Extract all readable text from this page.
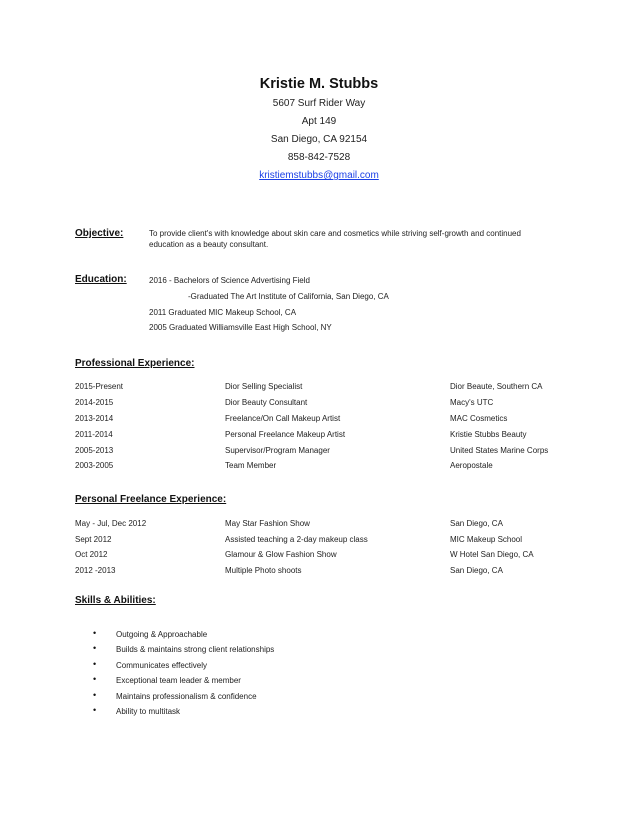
Kristie M. Stubbs
5607 Surf Rider Way
Apt 149
San Diego, CA 92154
858-842-7528
kristiemstubbs@gmail.com
Objective:	To provide client's with knowledge about skin care and cosmetics while striving self-growth and continued
education as a beauty consultant.
Education:	2016 - Bachelors of Science Advertising Field
-Graduated The Art Institute of California, San Diego, CA
2011 Graduated MIC Makeup School, CA
2005 Graduated Williamsville East High School, NY
Professional Experience:
2015-Present	Dior Selling Specialist	Dior Beaute, Southern CA
2014-2015	Dior Beauty Consultant	Macy's UTC
2013-2014	Freelance/On Call Makeup Artist	MAC Cosmetics
2011-2014	Personal Freelance Makeup Artist	Kristie Stubbs Beauty
2005-2013	Supervisor/Program Manager	United States Marine Corps
2003-2005	Team Member	Aeropostale
Personal Freelance Experience:
May - Jul, Dec 2012	May Star Fashion Show	San Diego, CA
Sept 2012	Assisted teaching a 2-day makeup class	MIC Makeup School
Oct 2012	Glamour & Glow Fashion Show	W Hotel San Diego, CA
2012 -2013	Multiple Photo shoots	San Diego, CA
Skills & Abilities:
• Outgoing & Approachable
• Builds & maintains strong client relationships
• Communicates effectively
• Exceptional team leader & member
• Maintains professionalism & confidence
• Ability to multitask
